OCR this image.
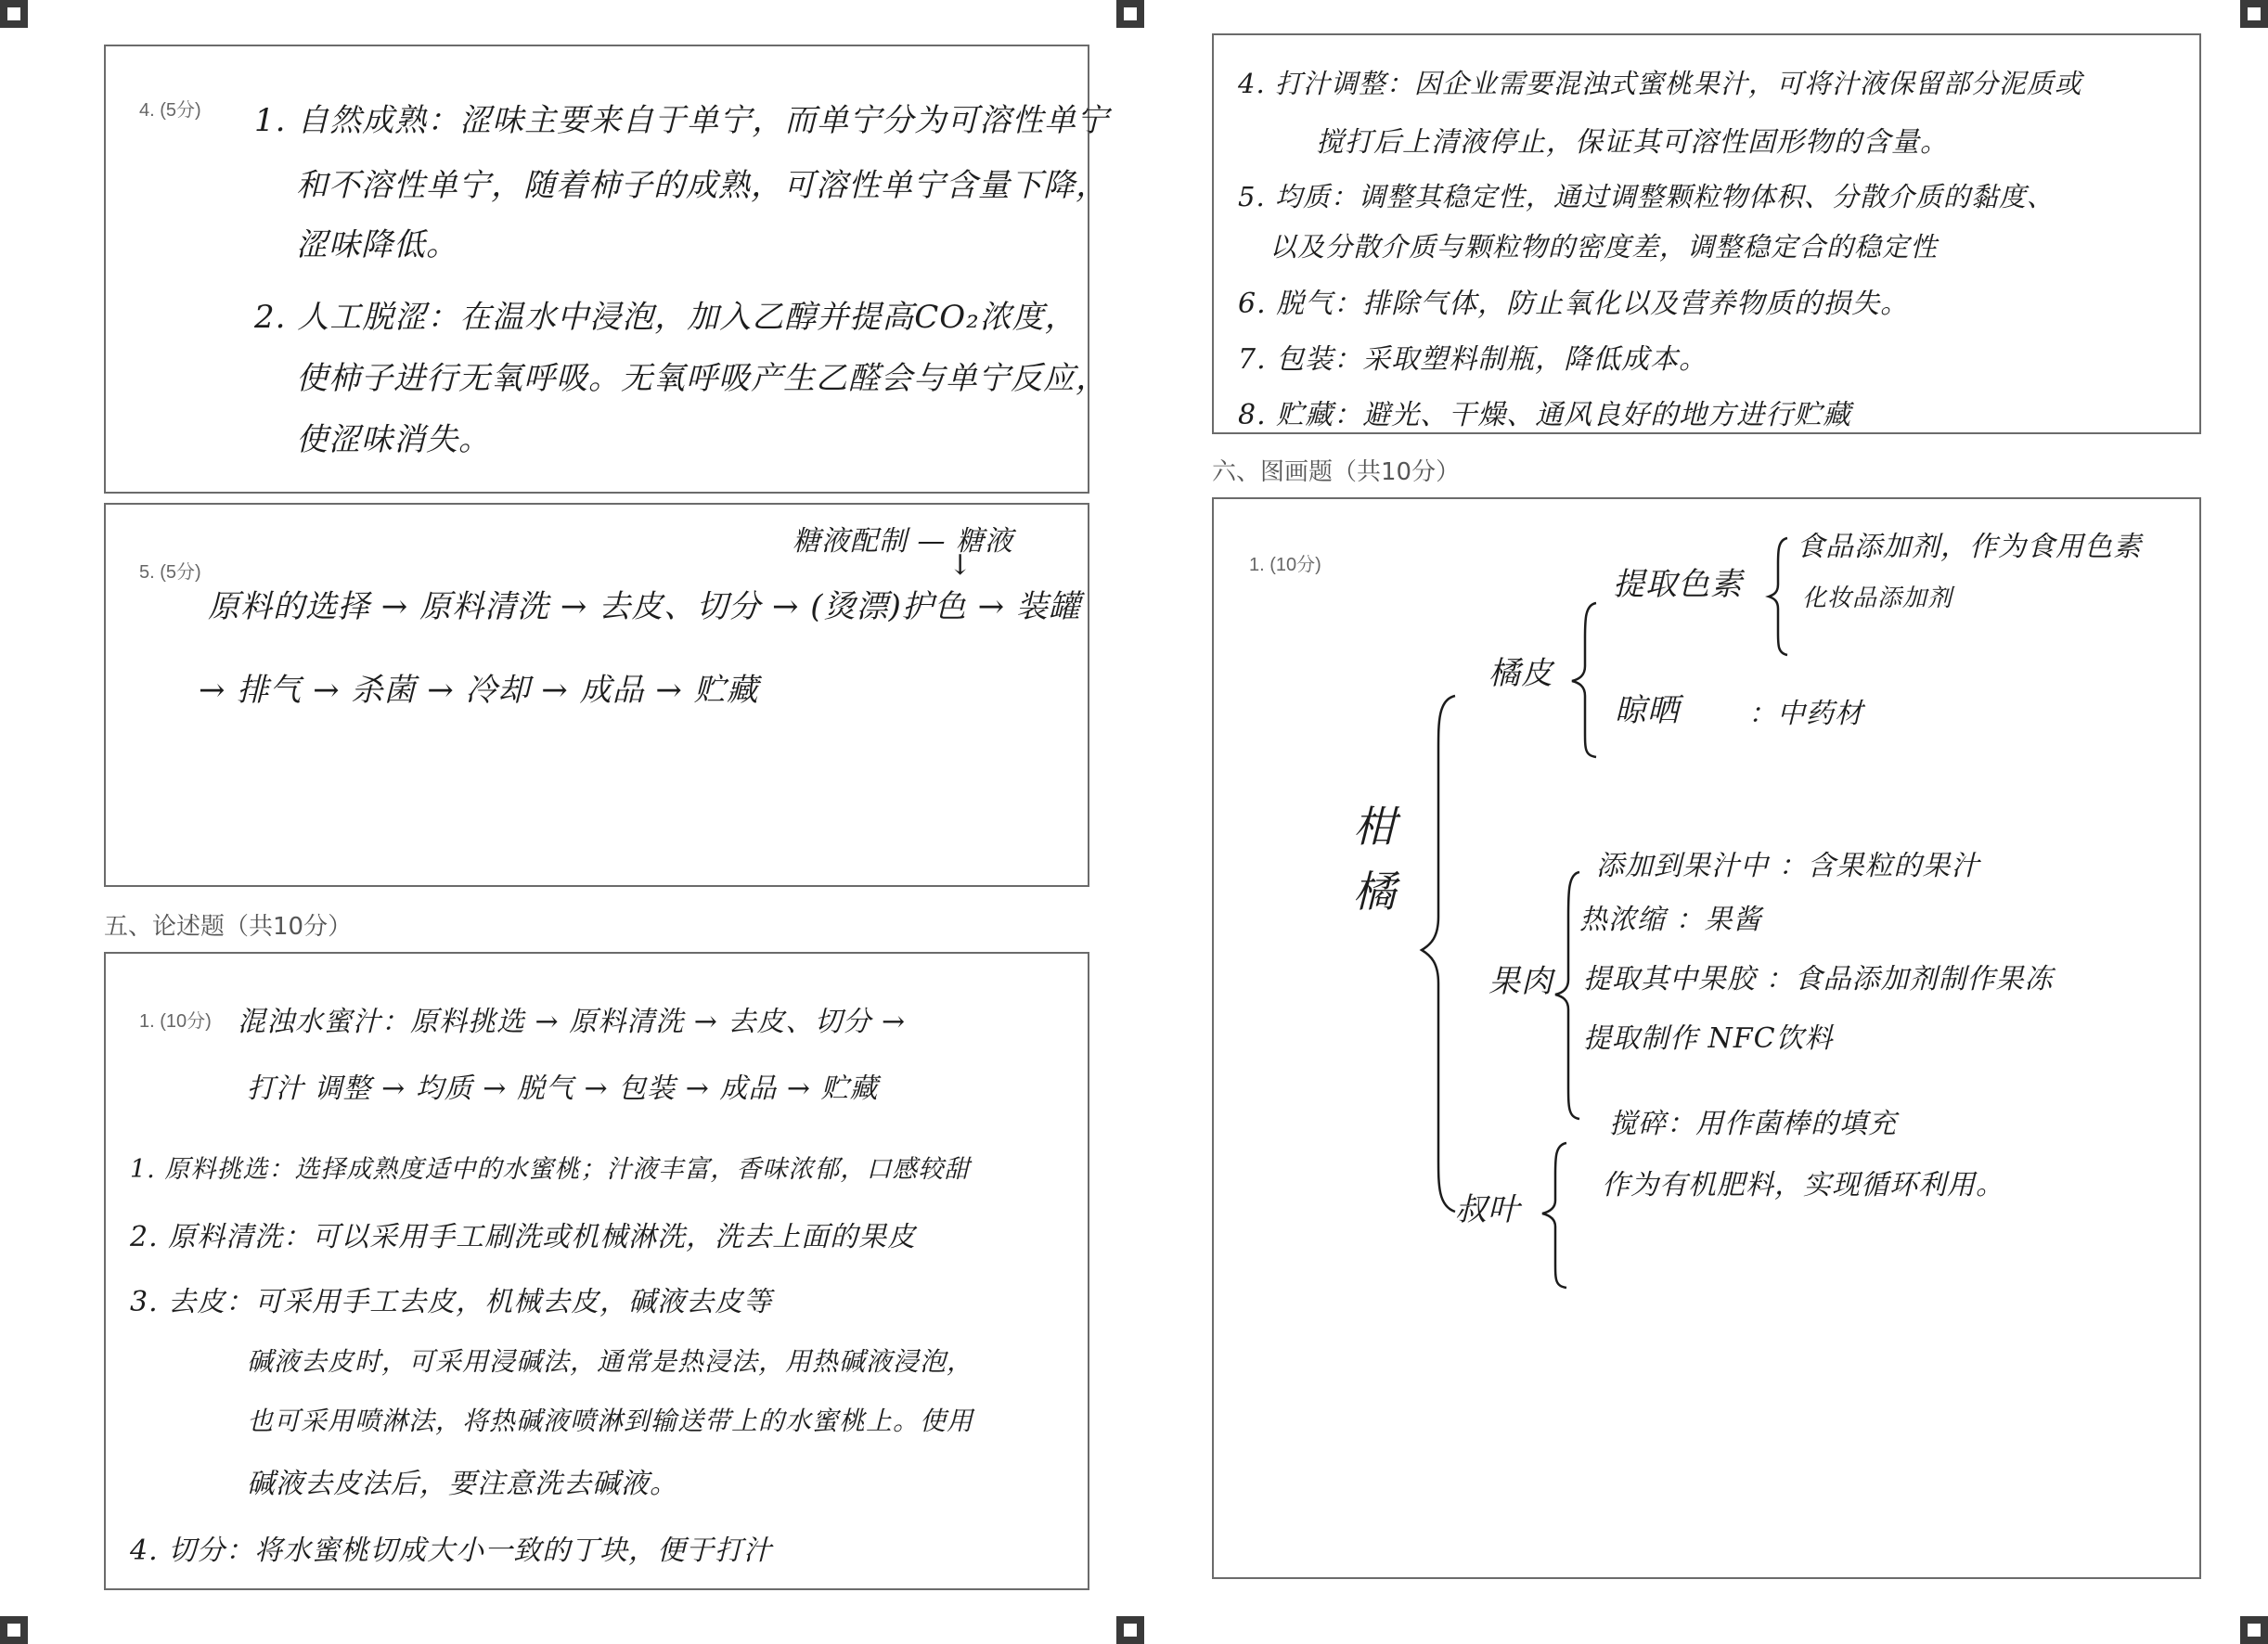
4. (5分) 1. 自然成熟：涩味主要来自于单宁，而单宁分为可溶性单宁
和不溶性单宁，随着柿子的成熟，可溶性单宁含量下降，
涩味降低。
2. 人工脱涩：在温水中浸泡，加入乙醇并提高CO₂浓度，
使柿子进行无氧呼吸。无氧呼吸产生乙醛会与单宁反应，
使涩味消失。
5. (5分)
糖液配制 — 糖液
↓
原料的选择 → 原料清洗 → 去皮、切分 → (烫漂)护色 → 装罐
→ 排气 → 杀菌 → 冷却 → 成品 → 贮藏
五、论述题（共10分）
1. (10分) 混浊水蜜汁：原料挑选 → 原料清洗 → 去皮、切分 →
打汁 调整 → 均质 → 脱气 → 包装 → 成品 → 贮藏
1. 原料挑选：选择成熟度适中的水蜜桃；汁液丰富，香味浓郁，口感较甜
2. 原料清洗：可以采用手工刷洗或机械淋洗，洗去上面的果皮
3. 去皮：可采用手工去皮，机械去皮，碱液去皮等
碱液去皮时，可采用浸碱法，通常是热浸法，用热碱液浸泡，
也可采用喷淋法，将热碱液喷淋到输送带上的水蜜桃上。使用
碱液去皮法后，要注意洗去碱液。
4. 切分：将水蜜桃切成大小一致的丁块，便于打汁
4. 打汁调整：因企业需要混浊式蜜桃果汁，可将汁液保留部分泥质或
搅打后上清液停止，保证其可溶性固形物的含量。
5. 均质：调整其稳定性，通过调整颗粒物体积、分散介质的黏度、
以及分散介质与颗粒物的密度差，调整稳定合的稳定性
6. 脱气：排除气体，防止氧化以及营养物质的损失。
7. 包装：采取塑料制瓶，降低成本。
8. 贮藏：避光、干燥、通风良好的地方进行贮藏
六、图画题（共10分）
1. (10分)
柑橘
橘皮
提取色素
食品添加剂，作为食用色素
化妆品添加剂
晾晒 ：中药材
果肉
添加到果汁中 ：含果粒的果汁
热浓缩 ：果酱
提取其中果胶 ：食品添加剂制作果冻
提取制作 NFC饮料
叔叶
搅碎：用作菌棒的填充
作为有机肥料，实现循环利用。
